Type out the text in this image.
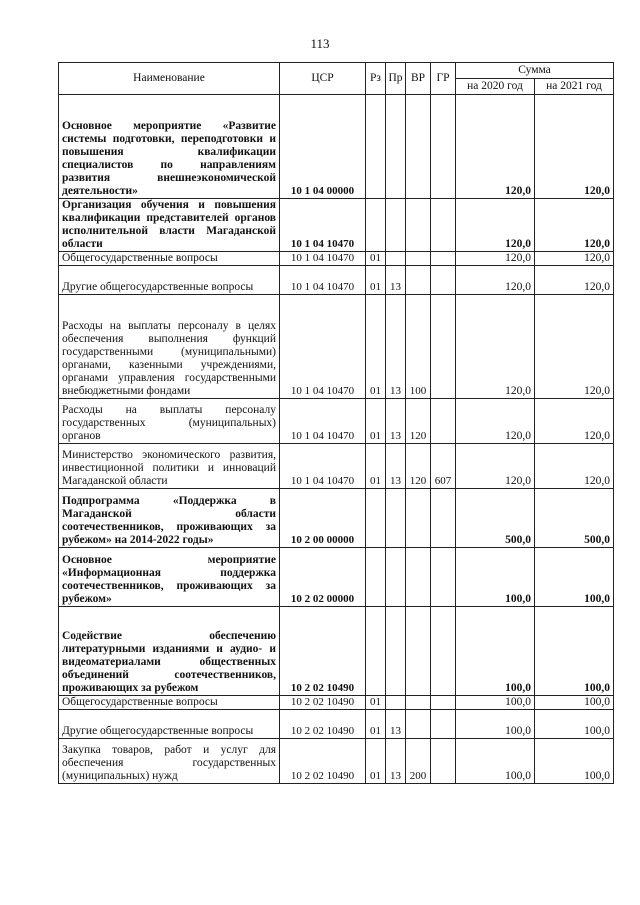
113
Наименование	ЦСР	Рз	Пр	ВР	ГР	Сумма	
						на 2020 год	на 2021 год

Основное мероприятие «Развитие системы подготовки, переподготовки и повышения квалификации специалистов по направлениям развития внешнеэкономической деятельности»	10 1 04 00000					120,0	120,0

Организация обучения и повышения квалификации представителей органов исполнительной власти Магаданской области	10 1 04 10470					120,0	120,0

Общегосударственные вопросы	10 1 04 10470	01				120,0	120,0

Другие общегосударственные вопросы	10 1 04 10470	01	13			120,0	120,0

Расходы на выплаты персоналу в целях обеспечения выполнения функций государственными (муниципальными) органами, казенными учреждениями, органами управления государственными внебюджетными фондами	10 1 04 10470	01	13	100		120,0	120,0

Расходы на выплаты персоналу государственных (муниципальных) органов	10 1 04 10470	01	13	120		120,0	120,0

Министерство экономического развития, инвестиционной политики и инноваций Магаданской области	10 1 04 10470	01	13	120	607	120,0	120,0

Подпрограмма «Поддержка в Магаданской области соотечественников, проживающих за рубежом» на 2014-2022 годы»	10 2 00 00000					500,0	500,0

Основное мероприятие «Информационная поддержка соотечественников, проживающих за рубежом»	10 2 02 00000					100,0	100,0

Содействие обеспечению литературными изданиями и аудио- и видеоматериалами общественных объединений соотечественников, проживающих за рубежом	10 2 02 10490					100,0	100,0

Общегосударственные вопросы	10 2 02 10490	01				100,0	100,0

Другие общегосударственные вопросы	10 2 02 10490	01	13			100,0	100,0

Закупка товаров, работ и услуг для обеспечения государственных (муниципальных) нужд	10 2 02 10490	01	13	200		100,0	100,0
